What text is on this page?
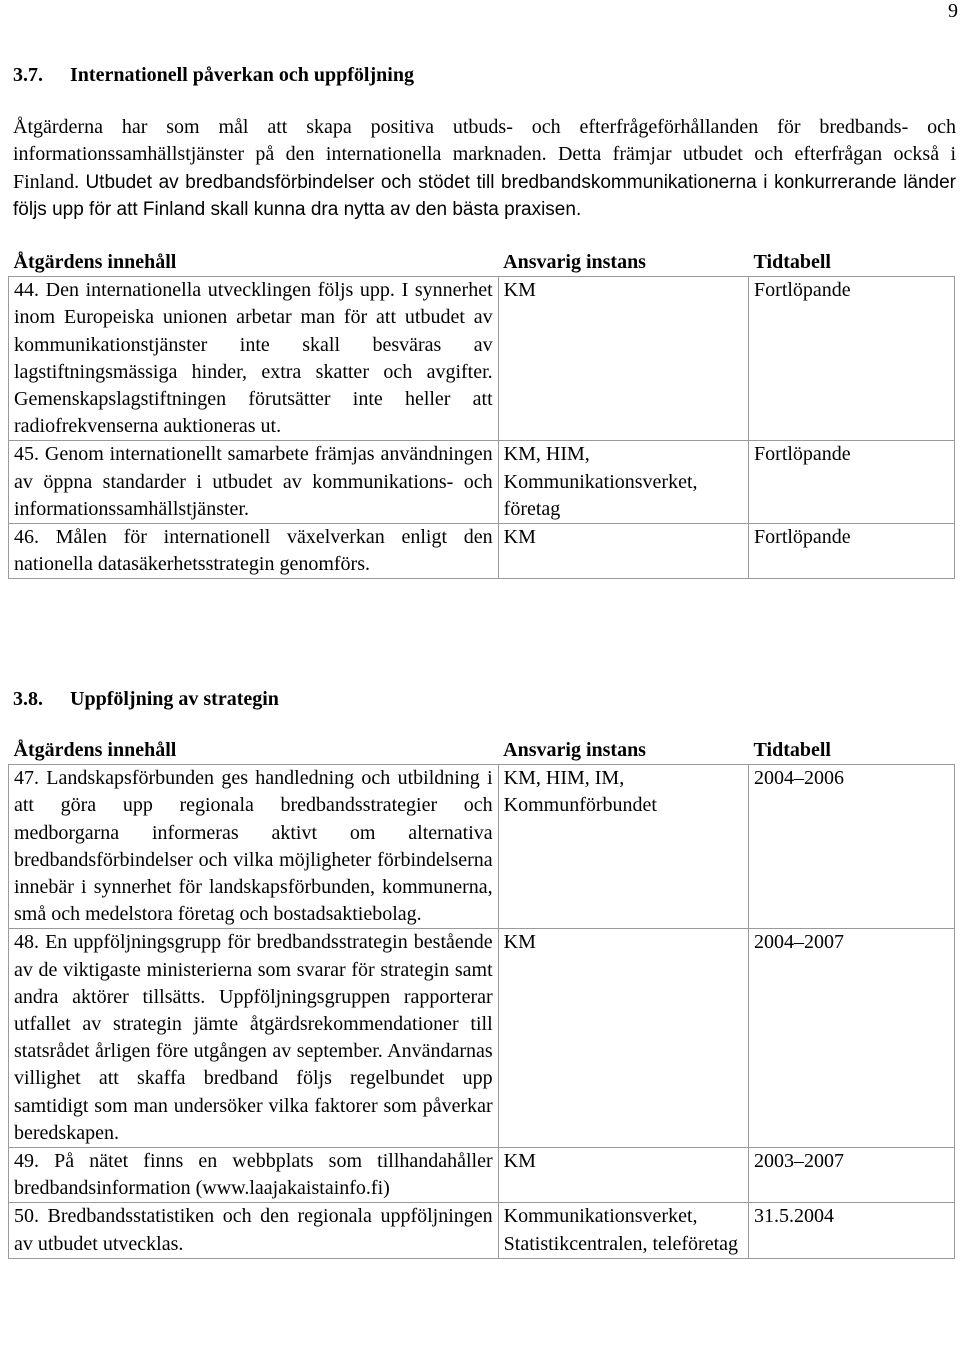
9
3.7. Internationell påverkan och uppföljning

Åtgärderna har som mål att skapa positiva utbuds- och efterfrågeförhållanden för bredbands- och informationssamhällstjänster på den internationella marknaden. Detta främjar utbudet och efterfrågan också i Finland. Utbudet av bredbandsförbindelser och stödet till bredbandskommunikationerna i konkurrerande länder följs upp för att Finland skall kunna dra nytta av den bästa praxisen.

Åtgärdens innehåll	Ansvarig instans	Tidtabell
44. Den internationella utvecklingen följs upp. I synnerhet inom Europeiska unionen arbetar man för att utbudet av kommunikationstjänster inte skall besväras av lagstiftningsmässiga hinder, extra skatter och avgifter. Gemenskapslagstiftningen förutsätter inte heller att radiofrekvenserna auktioneras ut.	KM	Fortlöpande
45. Genom internationellt samarbete främjas användningen av öppna standarder i utbudet av kommunikations- och informationssamhällstjänster.	KM, HIM, Kommunikationsverket, företag	Fortlöpande
46. Målen för internationell växelverkan enligt den nationella datasäkerhetsstrategin genomförs.	KM	Fortlöpande
3.8. Uppföljning av strategin
Åtgärdens innehåll	Ansvarig instans	Tidtabell
47. Landskapsförbunden ges handledning och utbildning i att göra upp regionala bredbandsstrategier och medborgarna informeras aktivt om alternativa bredbandsförbindelser och vilka möjligheter förbindelserna innebär i synnerhet för landskapsförbunden, kommunerna, små och medelstora företag och bostadsaktiebolag.	KM, HIM, IM, Kommunförbundet	2004–2006
48. En uppföljningsgrupp för bredbandsstrategin bestående av de viktigaste ministerierna som svarar för strategin samt andra aktörer tillsätts. Uppföljningsgruppen rapporterar utfallet av strategin jämte åtgärdsrekommendationer till statsrådet årligen före utgången av september. Användarnas villighet att skaffa bredband följs regelbundet upp samtidigt som man undersöker vilka faktorer som påverkar beredskapen.	KM	2004–2007
49. På nätet finns en webbplats som tillhandahåller bredbandsinformation (www.laajakaistainfo.fi)	KM	2003–2007
50. Bredbandsstatistiken och den regionala uppföljningen av utbudet utvecklas.	Kommunikationsverket, Statistikcentralen, teleföretag	31.5.2004
